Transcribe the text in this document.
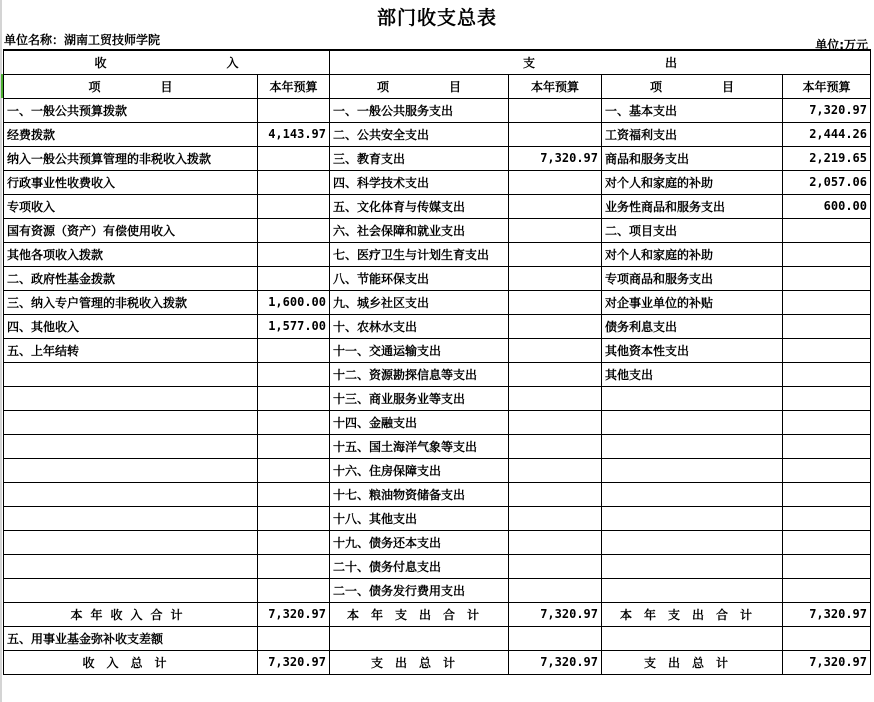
部门收支总表
单位名称：湖南工贸技师学院	单位:万元
收 入		支 出			
项 目	本年预算	项 目	本年预算	项 目	本年预算
一、一般公共预算拨款		一、一般公共服务支出		一、基本支出	7,320.97
经费拨款	4,143.97	二、公共安全支出		工资福利支出	2,444.26
纳入一般公共预算管理的非税收入拨款		三、教育支出	7,320.97	商品和服务支出	2,219.65
行政事业性收费收入		四、科学技术支出		对个人和家庭的补助	2,057.06
专项收入		五、文化体育与传媒支出		业务性商品和服务支出	600.00
国有资源（资产）有偿使用收入		六、社会保障和就业支出		二、项目支出	
其他各项收入拨款		七、医疗卫生与计划生育支出		对个人和家庭的补助	
二、政府性基金拨款		八、节能环保支出		专项商品和服务支出	
三、纳入专户管理的非税收入拨款	1,600.00	九、城乡社区支出		对企事业单位的补贴	
四、其他收入	1,577.00	十、农林水支出		债务利息支出	
五、上年结转		十一、交通运输支出		其他资本性支出	
		十二、资源勘探信息等支出		其他支出	
		十三、商业服务业等支出			
		十四、金融支出			
		十五、国土海洋气象等支出			
		十六、住房保障支出			
		十七、粮油物资储备支出			
		十八、其他支出			
		十九、债务还本支出			
		二十、债务付息支出			
		二一、债务发行费用支出			
本年收入合计	7,320.97	本年支出合计	7,320.97	本年支出合计	7,320.97
五、用事业基金弥补收支差额					
收入总计	7,320.97	支出总计	7,320.97	支出总计	7,320.97
